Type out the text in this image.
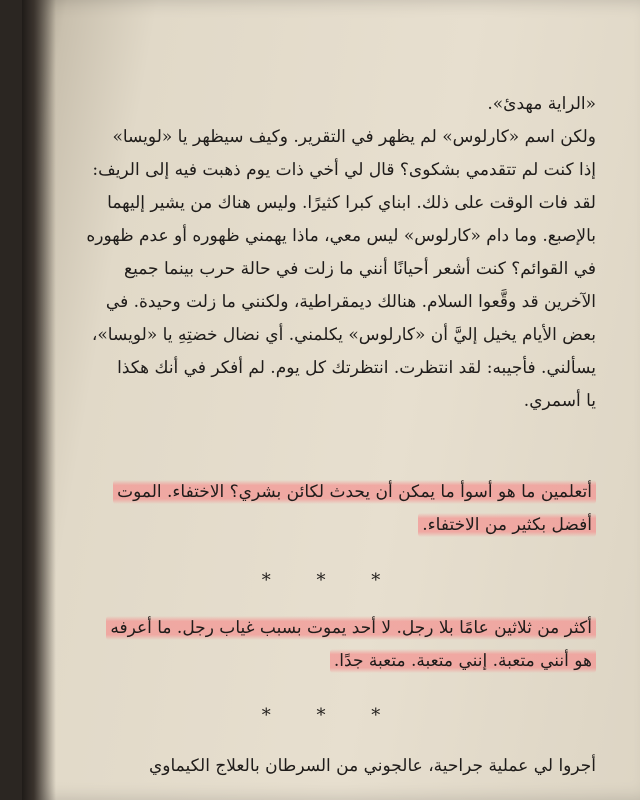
«الراية مهدئ».
ولكن اسم «كارلوس» لم يظهر في التقرير. وكيف سيظهر يا «لويسا»
إذا كنت لم تتقدمي بشكوى؟ قال لي أخي ذات يوم ذهبت فيه إلى الريف:
لقد فات الوقت على ذلك. ابناي كبرا كثيرًا. وليس هناك من يشير إليهما
بالإصبع. وما دام «كارلوس» ليس معي، ماذا يهمني ظهوره أو عدم ظهوره
في القوائم؟ كنت أشعر أحيانًا أنني ما زلت في حالة حرب بينما جميع
الآخرين قد وقَّعوا السلام. هنالك ديمقراطية، ولكنني ما زلت وحيدة. في
بعض الأيام يخيل إليَّ أن «كارلوس» يكلمني. أي نضال خضتِهِ يا «لويسا»،
يسألني. فأجيبه: لقد انتظرت. انتظرتك كل يوم. لم أفكر في أنك هكذا
يا أسمري.
أتعلمين ما هو أسوأ ما يمكن أن يحدث لكائن بشري؟ الاختفاء. الموت
أفضل بكثير من الاختفاء.
* * *
أكثر من ثلاثين عامًا بلا رجل. لا أحد يموت بسبب غياب رجل. ما أعرفه
هو أنني متعبة. إنني متعبة. متعبة جدًا.
* * *
أجروا لي عملية جراحية، عالجوني من السرطان بالعلاج الكيماوي
